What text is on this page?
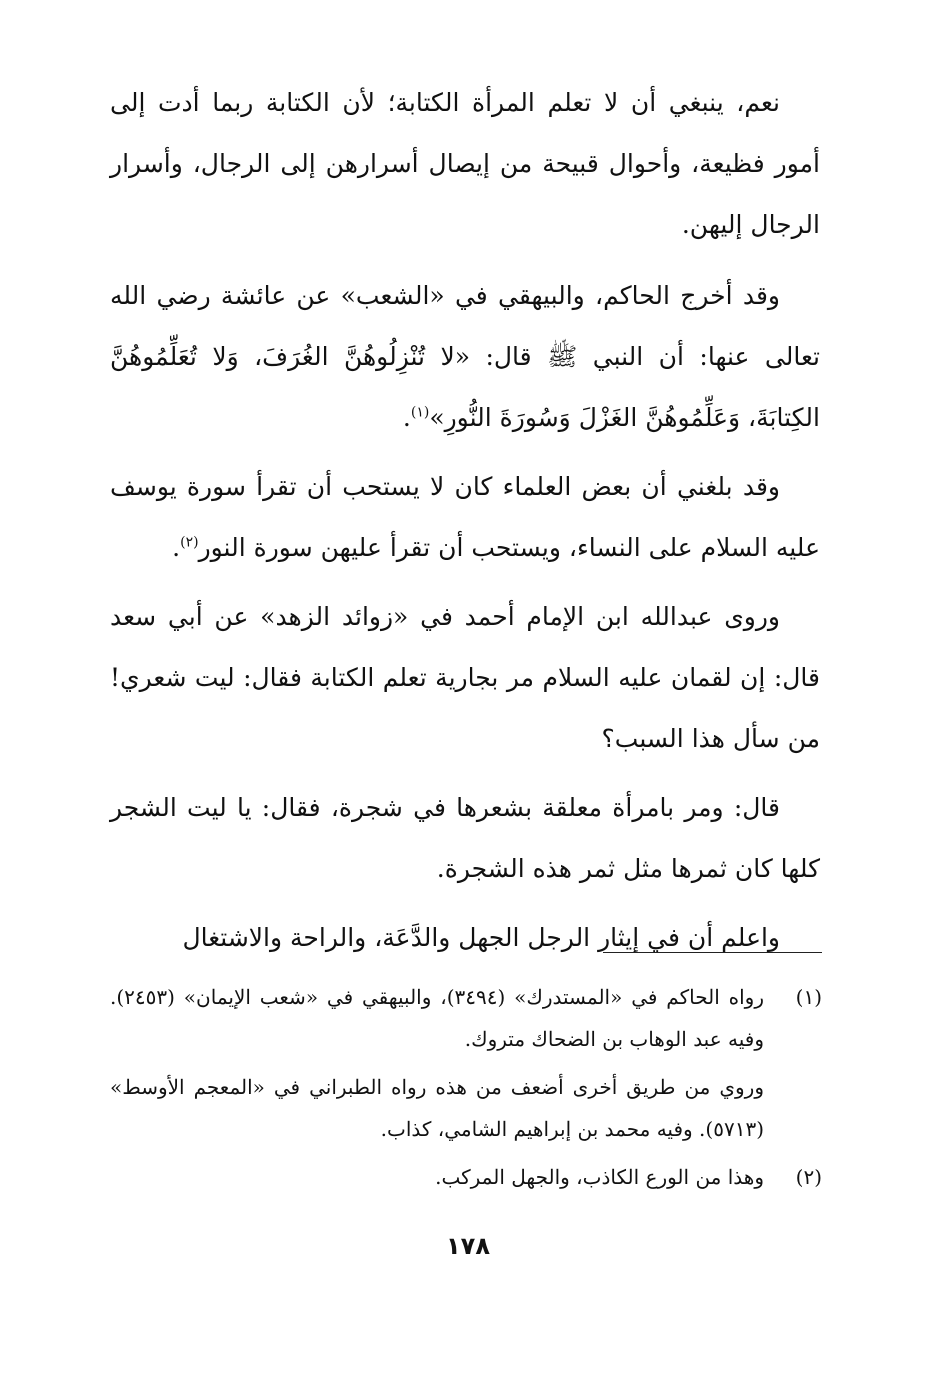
نعم، ينبغي أن لا تعلم المرأة الكتابة؛ لأن الكتابة ربما أدت إلى أمور فظيعة، وأحوال قبيحة من إيصال أسرارهن إلى الرجال، وأسرار الرجال إليهن.

وقد أخرج الحاكم، والبيهقي في «الشعب» عن عائشة رضي الله تعالى عنها: أن النبي ﷺ قال: «لا تُنْزِلُوهُنَّ الغُرَفَ، وَلا تُعَلِّمُوهُنَّ الكِتابَةَ، وَعَلِّمُوهُنَّ الغَزْلَ وَسُورَةَ النُّورِ»$^{(١)}$.

وقد بلغني أن بعض العلماء كان لا يستحب أن تقرأ سورة يوسف عليه السلام على النساء، ويستحب أن تقرأ عليهن سورة النور$^{(٢)}$.

وروى عبدالله ابن الإمام أحمد في «زوائد الزهد» عن أبي سعد قال: إن لقمان عليه السلام مر بجارية تعلم الكتابة فقال: ليت شعري! من سأل هذا السبب؟

قال: ومر بامرأة معلقة بشعرها في شجرة، فقال: يا ليت الشجر كلها كان ثمرها مثل ثمر هذه الشجرة.

واعلم أن في إيثار الرجل الجهل والدَّعَة، والراحة والاشتغال

(١)
رواه الحاكم في «المستدرك» (٣٤٩٤)، والبيهقي في «شعب الإيمان» (٢٤٥٣). وفيه عبد الوهاب بن الضحاك متروك.
وروي من طريق أخرى أضعف من هذه رواه الطبراني في «المعجم الأوسط» (٥٧١٣). وفيه محمد بن إبراهيم الشامي، كذاب.
(٢)
وهذا من الورع الكاذب، والجهل المركب.
١٧٨
